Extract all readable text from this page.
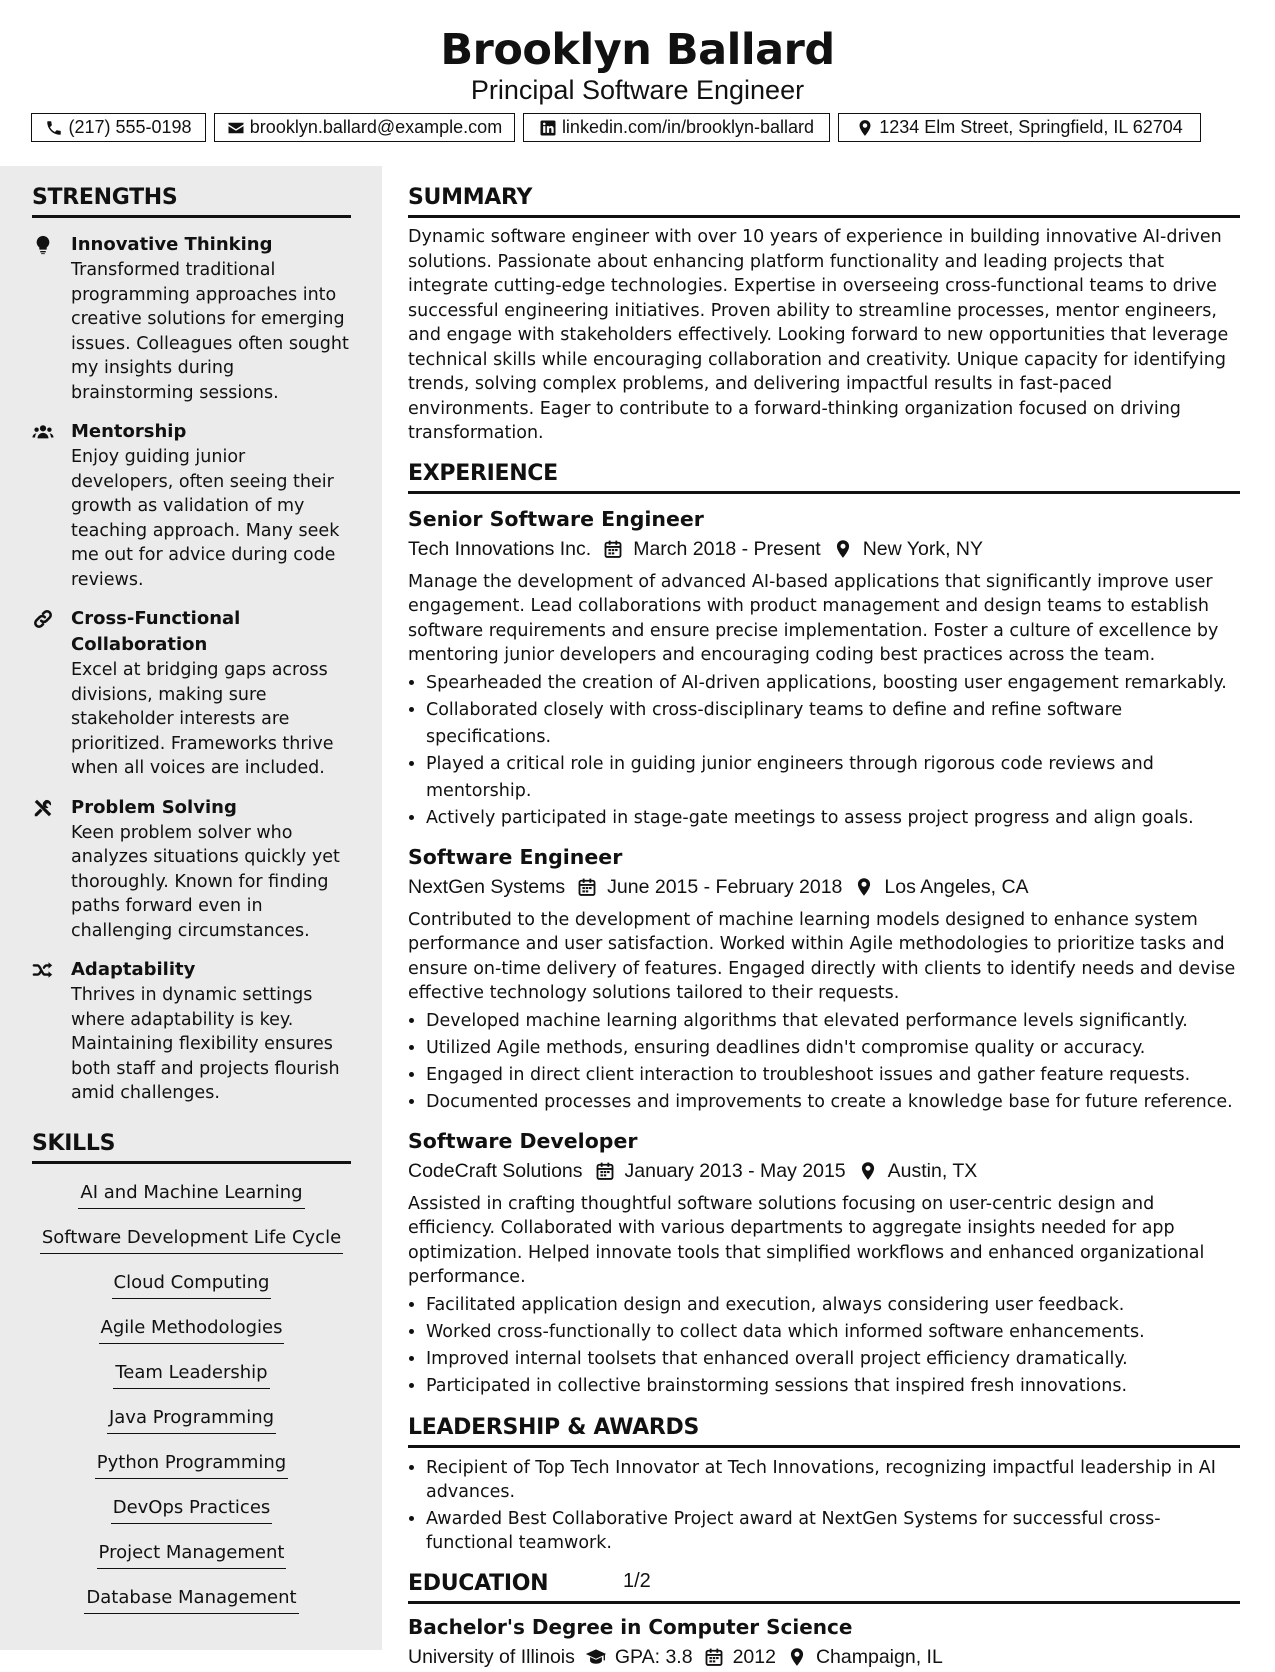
Brooklyn Ballard
Principal Software Engineer
(217) 555-0198	brooklyn.ballard@example.com	linkedin.com/in/brooklyn-ballard	1234 Elm Street, Springfield, IL 62704
STRENGTHS
Innovative Thinking
Transformed traditional programming approaches into creative solutions for emerging issues. Colleagues often sought my insights during brainstorming sessions.
Mentorship
Enjoy guiding junior developers, often seeing their growth as validation of my teaching approach. Many seek me out for advice during code reviews.
Cross-Functional Collaboration
Excel at bridging gaps across divisions, making sure stakeholder interests are prioritized. Frameworks thrive when all voices are included.
Problem Solving
Keen problem solver who analyzes situations quickly yet thoroughly. Known for finding paths forward even in challenging circumstances.
Adaptability
Thrives in dynamic settings where adaptability is key. Maintaining flexibility ensures both staff and projects flourish amid challenges.
SKILLS
AI and Machine Learning
Software Development Life Cycle
Cloud Computing
Agile Methodologies
Team Leadership
Java Programming
Python Programming
DevOps Practices
Project Management
Database Management
SUMMARY
Dynamic software engineer with over 10 years of experience in building innovative AI-driven solutions. Passionate about enhancing platform functionality and leading projects that integrate cutting-edge technologies. Expertise in overseeing cross-functional teams to drive successful engineering initiatives. Proven ability to streamline processes, mentor engineers, and engage with stakeholders effectively. Looking forward to new opportunities that leverage technical skills while encouraging collaboration and creativity. Unique capacity for identifying trends, solving complex problems, and delivering impactful results in fast-paced environments. Eager to contribute to a forward-thinking organization focused on driving transformation.
EXPERIENCE
Senior Software Engineer
Tech Innovations Inc. March 2018 - Present New York, NY
Manage the development of advanced AI-based applications that significantly improve user engagement. Lead collaborations with product management and design teams to establish software requirements and ensure precise implementation. Foster a culture of excellence by mentoring junior developers and encouraging coding best practices across the team.
• Spearheaded the creation of AI-driven applications, boosting user engagement remarkably.
• Collaborated closely with cross-disciplinary teams to define and refine software specifications.
• Played a critical role in guiding junior engineers through rigorous code reviews and mentorship.
• Actively participated in stage-gate meetings to assess project progress and align goals.
Software Engineer
NextGen Systems June 2015 - February 2018 Los Angeles, CA
Contributed to the development of machine learning models designed to enhance system performance and user satisfaction. Worked within Agile methodologies to prioritize tasks and ensure on-time delivery of features. Engaged directly with clients to identify needs and devise effective technology solutions tailored to their requests.
• Developed machine learning algorithms that elevated performance levels significantly.
• Utilized Agile methods, ensuring deadlines didn't compromise quality or accuracy.
• Engaged in direct client interaction to troubleshoot issues and gather feature requests.
• Documented processes and improvements to create a knowledge base for future reference.
Software Developer
CodeCraft Solutions January 2013 - May 2015 Austin, TX
Assisted in crafting thoughtful software solutions focusing on user-centric design and efficiency. Collaborated with various departments to aggregate insights needed for app optimization. Helped innovate tools that simplified workflows and enhanced organizational performance.
• Facilitated application design and execution, always considering user feedback.
• Worked cross-functionally to collect data which informed software enhancements.
• Improved internal toolsets that enhanced overall project efficiency dramatically.
• Participated in collective brainstorming sessions that inspired fresh innovations.
LEADERSHIP & AWARDS
• Recipient of Top Tech Innovator at Tech Innovations, recognizing impactful leadership in AI advances.
• Awarded Best Collaborative Project award at NextGen Systems for successful cross-functional teamwork.
EDUCATION
Bachelor's Degree in Computer Science
University of Illinois GPA: 3.8 2012 Champaign, IL
1/2
